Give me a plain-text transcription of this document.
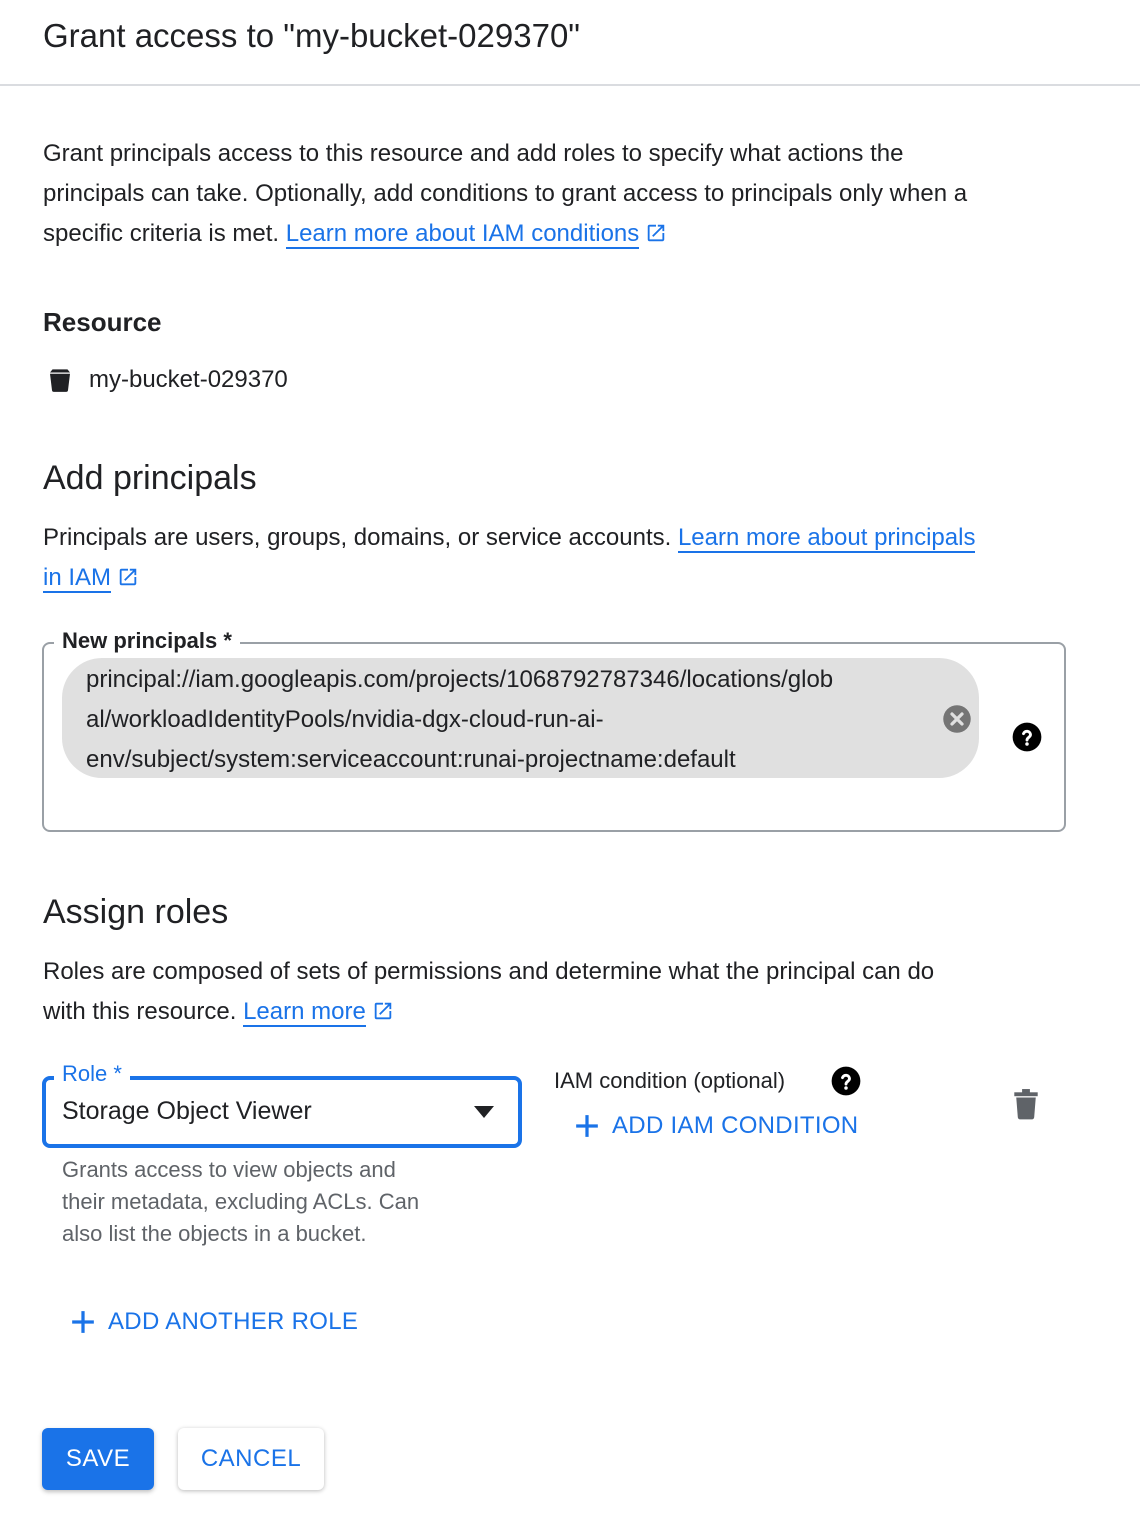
Grant access to "my-bucket-029370"
Grant principals access to this resource and add roles to specify what actions the
principals can take. Optionally, add conditions to grant access to principals only when a
specific criteria is met. Learn more about IAM conditions
Resource
my-bucket-029370
Add principals
Principals are users, groups, domains, or service accounts. Learn more about principals
in IAM
New principals *
principal://iam.googleapis.com/projects/1068792787346/locations/glob
al/workloadIdentityPools/nvidia-dgx-cloud-run-ai-
env/subject/system:serviceaccount:runai-projectname:default
Assign roles
Roles are composed of sets of permissions and determine what the principal can do
with this resource. Learn more
Role *
Storage Object Viewer
Grants access to view objects and
their metadata, excluding ACLs. Can
also list the objects in a bucket.
IAM condition (optional)
ADD IAM CONDITION
ADD ANOTHER ROLE
SAVE	CANCEL
